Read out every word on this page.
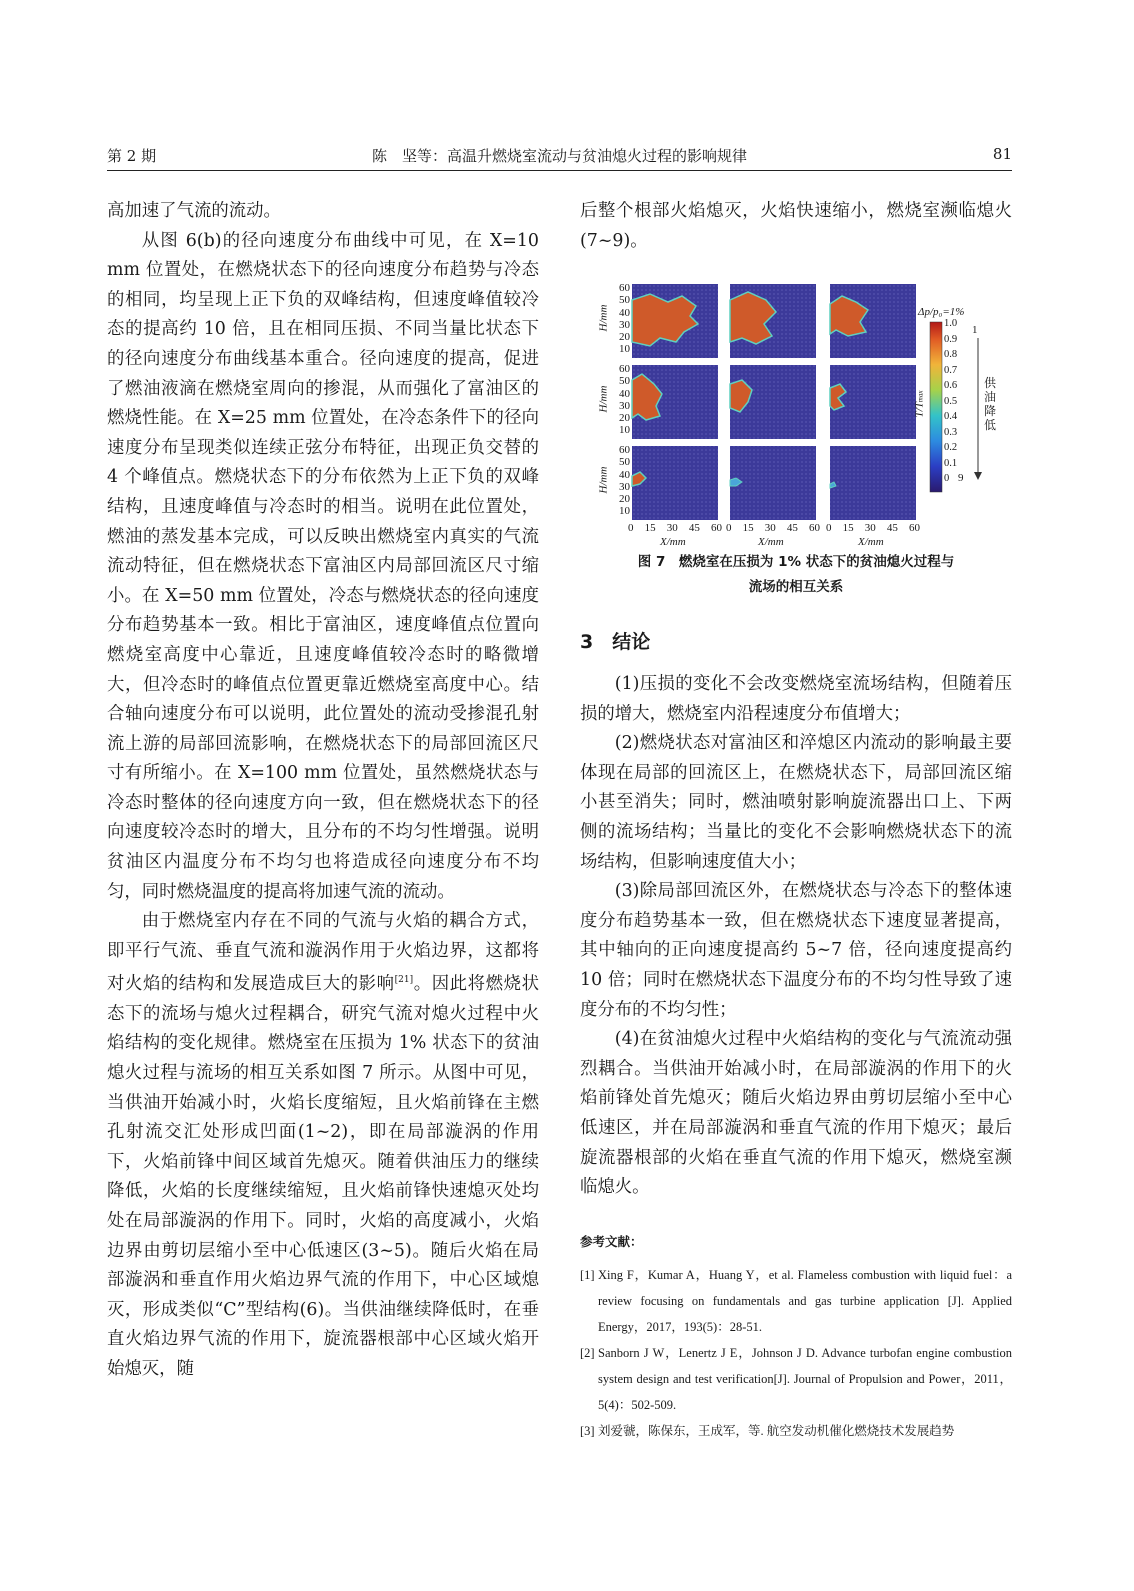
第 2 期	陈　坚等：高温升燃烧室流动与贫油熄火过程的影响规律	81

高加速了气流的流动。

从图 6(b)的径向速度分布曲线中可见，在 X=10 mm 位置处，在燃烧状态下的径向速度分布趋势与冷态的相同，均呈现上正下负的双峰结构，但速度峰值较冷态的提高约 10 倍，且在相同压损、不同当量比状态下的径向速度分布曲线基本重合。径向速度的提高，促进了燃油液滴在燃烧室周向的掺混，从而强化了富油区的燃烧性能。在 X=25 mm 位置处，在冷态条件下的径向速度分布呈现类似连续正弦分布特征，出现正负交替的 4 个峰值点。燃烧状态下的分布依然为上正下负的双峰结构，且速度峰值与冷态时的相当。说明在此位置处，燃油的蒸发基本完成，可以反映出燃烧室内真实的气流流动特征，但在燃烧状态下富油区内局部回流区尺寸缩小。在 X=50 mm 位置处，冷态与燃烧状态的径向速度分布趋势基本一致。相比于富油区，速度峰值点位置向燃烧室高度中心靠近，且速度峰值较冷态时的略微增大，但冷态时的峰值点位置更靠近燃烧室高度中心。结合轴向速度分布可以说明，此位置处的流动受掺混孔射流上游的局部回流影响，在燃烧状态下的局部回流区尺寸有所缩小。在 X=100 mm 位置处，虽然燃烧状态与冷态时整体的径向速度方向一致，但在燃烧状态下的径向速度较冷态时的增大，且分布的不均匀性增强。说明贫油区内温度分布不均匀也将造成径向速度分布不均匀，同时燃烧温度的提高将加速气流的流动。

由于燃烧室内存在不同的气流与火焰的耦合方式，即平行气流、垂直气流和漩涡作用于火焰边界，这都将对火焰的结构和发展造成巨大的影响[21]。因此将燃烧状态下的流场与熄火过程耦合，研究气流对熄火过程中火焰结构的变化规律。燃烧室在压损为 1% 状态下的贫油熄火过程与流场的相互关系如图 7 所示。从图中可见，当供油开始减小时，火焰长度缩短，且火焰前锋在主燃孔射流交汇处形成凹面(1~2)，即在局部漩涡的作用下，火焰前锋中间区域首先熄灭。随着供油压力的继续降低，火焰的长度继续缩短，且火焰前锋快速熄灭处均处在局部漩涡的作用下。同时，火焰的高度减小，火焰边界由剪切层缩小至中心低速区(3~5)。随后火焰在局部漩涡和垂直作用火焰边界气流的作用下，中心区域熄灭，形成类似“C”型结构(6)。当供油继续降低时，在垂直火焰边界气流的作用下，旋流器根部中心区域火焰开始熄灭，随

后整个根部火焰熄灭，火焰快速缩小，燃烧室濒临熄火(7~9)。

60
50
40
30
20
10
60
50
40
30
20
10
60
50
40
30
20
10
H/mm
H/mm
H/mm
0 15 30 45 60 0 15 30 45 60 0 15 30 45 60
X/mm	X/mm	X/mm
Δp/p₀=1%
1.0
0.9
0.8
0.7
0.6
0.5
0.4
0.3
0.2
0.1
0
T/Tmax
1
供油降低
9
图 7　燃烧室在压损为 1% 状态下的贫油熄火过程与
流场的相互关系
3　 结论

(1)压损的变化不会改变燃烧室流场结构，但随着压损的增大，燃烧室内沿程速度分布值增大；

(2)燃烧状态对富油区和淬熄区内流动的影响最主要体现在局部的回流区上，在燃烧状态下，局部回流区缩小甚至消失；同时，燃油喷射影响旋流器出口上、下两侧的流场结构；当量比的变化不会影响燃烧状态下的流场结构，但影响速度值大小；

(3)除局部回流区外，在燃烧状态与冷态下的整体速度分布趋势基本一致，但在燃烧状态下速度显著提高，其中轴向的正向速度提高约 5~7 倍，径向速度提高约 10 倍；同时在燃烧状态下温度分布的不均匀性导致了速度分布的不均匀性；

(4)在贫油熄火过程中火焰结构的变化与气流流动强烈耦合。当供油开始减小时，在局部漩涡的作用下的火焰前锋处首先熄灭；随后火焰边界由剪切层缩小至中心低速区，并在局部漩涡和垂直气流的作用下熄灭；最后旋流器根部的火焰在垂直气流的作用下熄灭，燃烧室濒临熄火。

参考文献：
[1] Xing F，Kumar A，Huang Y，et al. Flameless combustion with liquid fuel：a review focusing on fundamentals and gas turbine application [J]. Applied Energy，2017，193(5)：28-51.
[2] Sanborn J W，Lenertz J E，Johnson J D. Advance turbofan engine combustion system design and test verification[J]. Journal of Propulsion and Power，2011，5(4)：502-509.
[3] 刘爱虢，陈保东，王成军，等. 航空发动机催化燃烧技术发展趋势
